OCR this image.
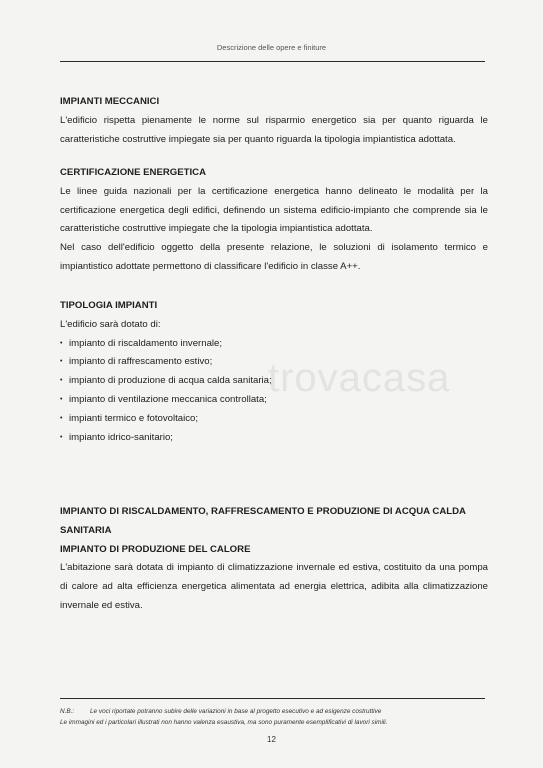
Descrizione delle opere e finiture
trovacasa

IMPIANTI MECCANICI

L'edificio rispetta pienamente le norme sul risparmio energetico sia per quanto riguarda le caratteristiche costruttive impiegate sia per quanto riguarda la tipologia impiantistica adottata.

CERTIFICAZIONE ENERGETICA

Le linee guida nazionali per la certificazione energetica hanno delineato le modalità per la certificazione energetica degli edifici, definendo un sistema edificio-impianto che comprende sia le caratteristiche costruttive impiegate che la tipologia impiantistica adottata.

Nel caso dell'edificio oggetto della presente relazione, le soluzioni di isolamento termico e impiantistico adottate permettono di classificare l'edificio in classe A++.

TIPOLOGIA IMPIANTI

L'edificio sarà dotato di:

• impianto di riscaldamento invernale;
• impianto di raffrescamento estivo;
• impianto di produzione di acqua calda sanitaria;
• impianto di ventilazione meccanica controllata;
• impianti termico e fotovoltaico;
• impianto idrico-sanitario;

IMPIANTO DI RISCALDAMENTO, RAFFRESCAMENTO E PRODUZIONE DI ACQUA CALDA SANITARIA

IMPIANTO DI PRODUZIONE DEL CALORE

L'abitazione sarà dotata di impianto di climatizzazione invernale ed estiva, costituito da una pompa di calore ad alta efficienza energetica alimentata ad energia elettrica, adibita alla climatizzazione invernale ed estiva.

N.B.: Le voci riportate potranno subire delle variazioni in base al progetto esecutivo e ad esigenze costruttive
Le immagini ed i particolari illustrati non hanno valenza esaustiva, ma sono puramente esemplificativi di lavori simili.
12
